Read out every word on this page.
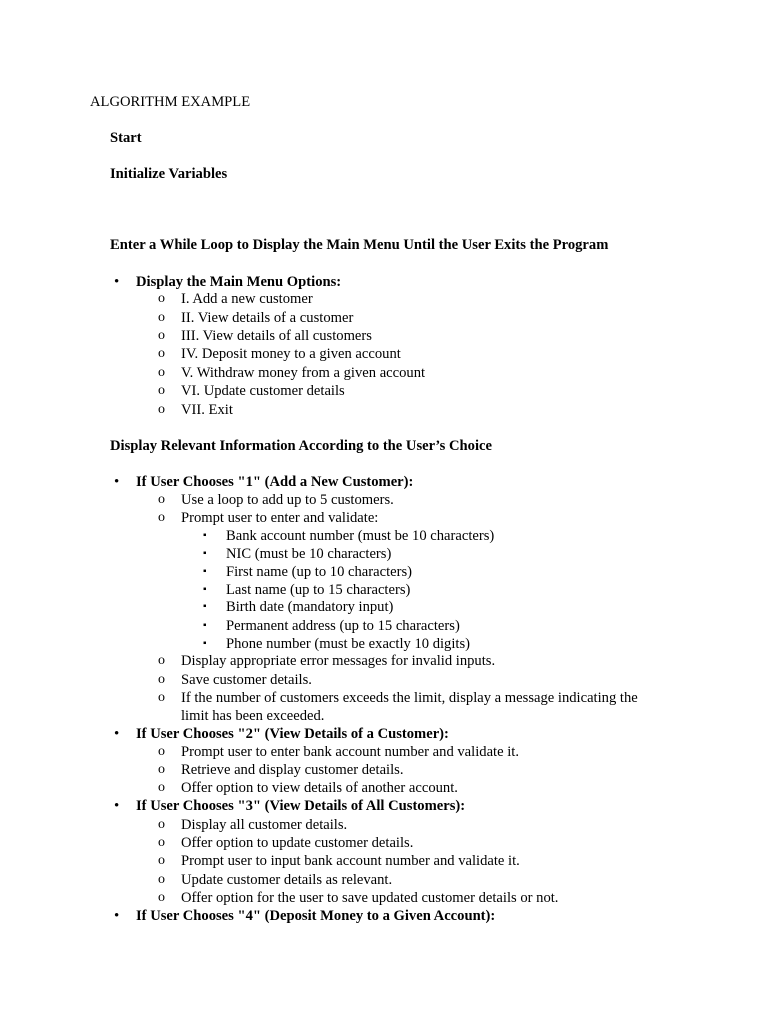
ALGORITHM EXAMPLE
Start
Initialize Variables
Enter a While Loop to Display the Main Menu Until the User Exits the Program
• Display the Main Menu Options:
o I. Add a new customer
o II. View details of a customer
o III. View details of all customers
o IV. Deposit money to a given account
o V. Withdraw money from a given account
o VI. Update customer details
o VII. Exit
Display Relevant Information According to the User’s Choice
• If User Chooses "1" (Add a New Customer):
o Use a loop to add up to 5 customers.
o Prompt user to enter and validate:
▪ Bank account number (must be 10 characters)
▪ NIC (must be 10 characters)
▪ First name (up to 10 characters)
▪ Last name (up to 15 characters)
▪ Birth date (mandatory input)
▪ Permanent address (up to 15 characters)
▪ Phone number (must be exactly 10 digits)
o Display appropriate error messages for invalid inputs.
o Save customer details.
o If the number of customers exceeds the limit, display a message indicating the
limit has been exceeded.
• If User Chooses "2" (View Details of a Customer):
o Prompt user to enter bank account number and validate it.
o Retrieve and display customer details.
o Offer option to view details of another account.
• If User Chooses "3" (View Details of All Customers):
o Display all customer details.
o Offer option to update customer details.
o Prompt user to input bank account number and validate it.
o Update customer details as relevant.
o Offer option for the user to save updated customer details or not.
• If User Chooses "4" (Deposit Money to a Given Account):
